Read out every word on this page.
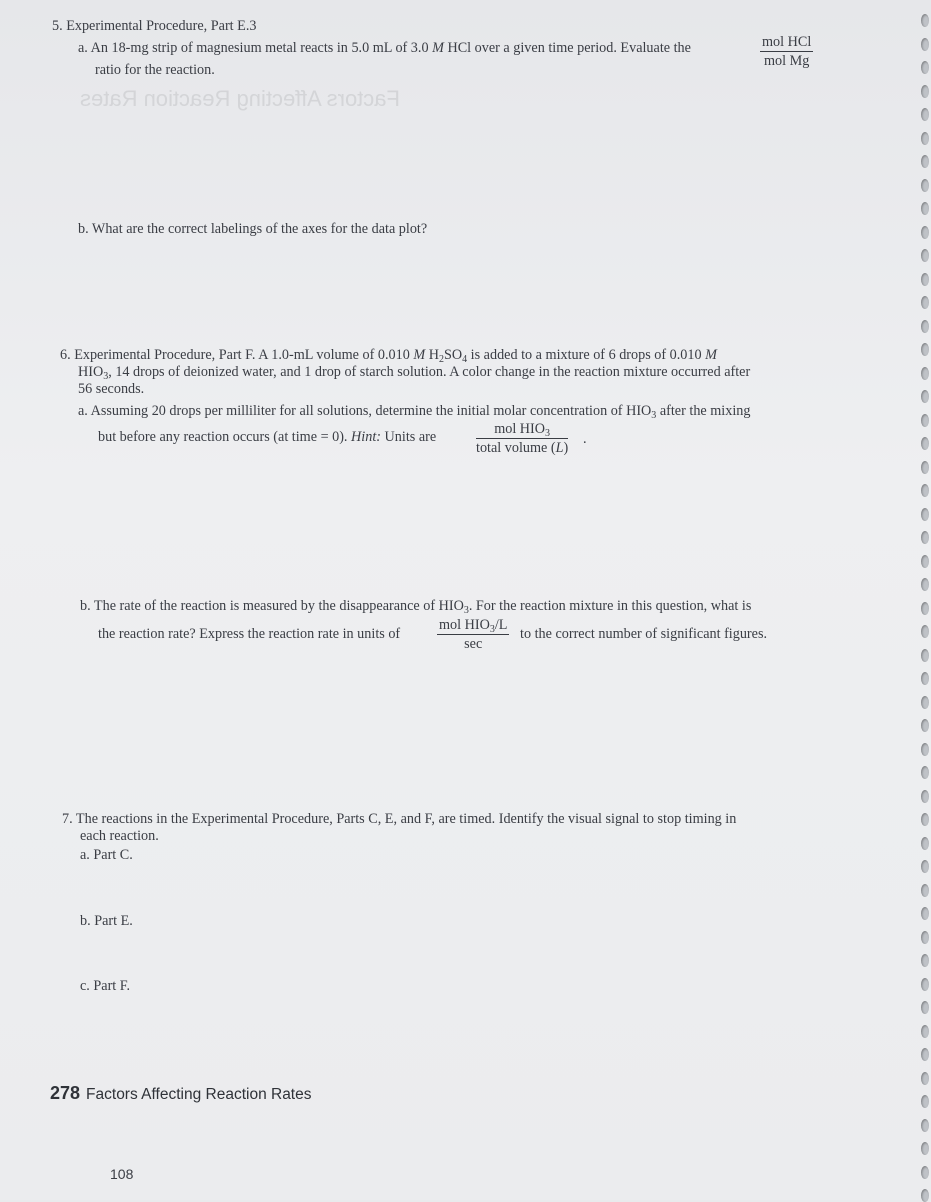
Factors Affecting Reaction Rates
5. Experimental Procedure, Part E.3
a. An 18-mg strip of magnesium metal reacts in 5.0 mL of 3.0 M HCl over a given time period. Evaluate the	mol HCl
mol Mg
ratio for the reaction.
b. What are the correct labelings of the axes for the data plot?
6. Experimental Procedure, Part F. A 1.0-mL volume of 0.010 M $H_2SO_4$ is added to a mixture of 6 drops of 0.010 M
$HIO_3$, 14 drops of deionized water, and 1 drop of starch solution. A color change in the reaction mixture occurred after
56 seconds.
a. Assuming 20 drops per milliliter for all solutions, determine the initial molar concentration of $HIO_3$ after the mixing
but before any reaction occurs (at time = 0). Hint: Units are	mol $HIO_3$
total volume (L)
.
b. The rate of the reaction is measured by the disappearance of $HIO_3$. For the reaction mixture in this question, what is
the reaction rate? Express the reaction rate in units of
mol $HIO_3/L$
sec
to the correct number of significant figures.
7. The reactions in the Experimental Procedure, Parts C, E, and F, are timed. Identify the visual signal to stop timing in
each reaction.
a. Part C.
b. Part E.
c. Part F.
278 Factors Affecting Reaction Rates
108
